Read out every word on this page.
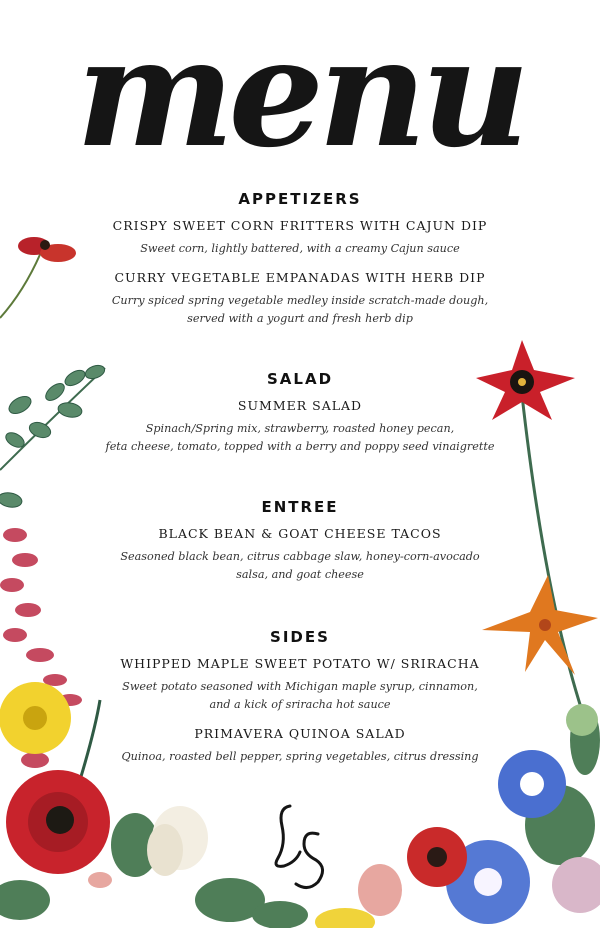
menu
APPETIZERS
CRISPY SWEET CORN FRITTERS WITH CAJUN DIP
Sweet corn, lightly battered, with a creamy Cajun sauce
CURRY VEGETABLE EMPANADAS WITH HERB DIP
Curry spiced spring vegetable medley inside scratch-made dough,
served with a yogurt and fresh herb dip
SALAD
SUMMER SALAD
Spinach/Spring mix, strawberry, roasted honey pecan,
feta cheese, tomato, topped with a berry and poppy seed vinaigrette
ENTREE
BLACK BEAN & GOAT CHEESE TACOS
Seasoned black bean, citrus cabbage slaw, honey-corn-avocado
salsa, and goat cheese
SIDES
WHIPPED MAPLE SWEET POTATO W/ SRIRACHA
Sweet potato seasoned with Michigan maple syrup, cinnamon,
and a kick of sriracha hot sauce
PRIMAVERA QUINOA SALAD
Quinoa, roasted bell pepper, spring vegetables, citrus dressing
